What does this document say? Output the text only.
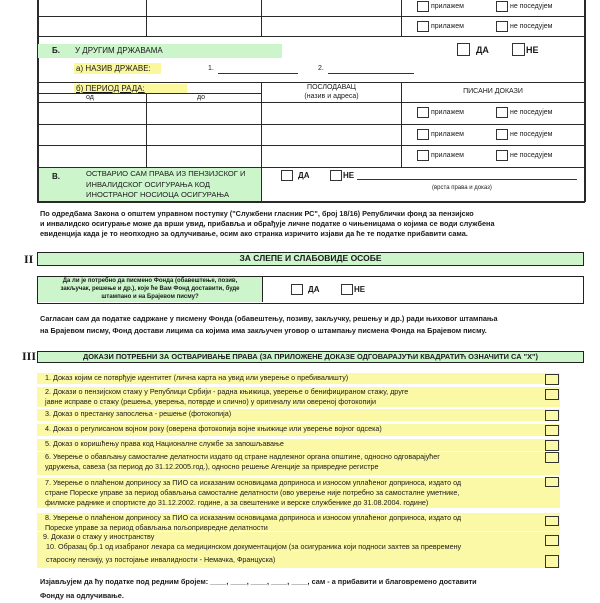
прилажем	не поседујем
прилажем	не поседујем
Б. У ДРУГИМ ДРЖАВАМА	ДА	НЕ
а) НАЗИВ ДРЖАВЕ:	1.	2.
б) ПЕРИОД РАДА:
од	до
ПОСЛОДАВАЦ
(назив и адреса)
ПИСАНИ ДОКАЗИ
прилажем	не поседујем
прилажем	не поседујем
прилажем	не поседујем
В.	ОСТВАРИО САМ ПРАВА ИЗ ПЕНЗИЈСКОГ И
ИНВАЛИДСКОГ ОСИГУРАЊА КОД
ИНОСТРАНОГ НОСИОЦА ОСИГУРАЊА
ДА	НЕ
(врста права и доказ)
По одредбама Закона о општем управном поступку ("Службени гласник РС", број 18/16) Републички фонд за пензијско
и инвалидско осигурање може да врши увид, прибавља и обрађује личне податке о чињеницама о којима се води службена
евиденција када је то неопходно за одлучивање, осим ако странка изричито изјави да ће те податке прибавити сама.
II	ЗА СЛЕПЕ И СЛАБОВИДЕ ОСОБЕ
Да ли је потребно да писмено Фонда (обавештење, позив,
закључак, решење и др.), које ће Вам Фонд доставити, буде
штампано и на Брајевом писму?
ДА	НЕ
Сагласан сам да податке садржане у писмену Фонда (обавештењу, позиву, закључку, решењу и др.) ради њиховог штампања
на Брајевом писму, Фонд достави лицима са којима има закључен уговор о штампању писмена Фонда на Брајевом писму.
III	ДОКАЗИ ПОТРЕБНИ ЗА ОСТВАРИВАЊЕ ПРАВА (ЗА ПРИЛОЖЕНЕ ДОКАЗЕ ОДГОВАРАЈУЋИ КВАДРАТИЋ ОЗНАЧИТИ СА "Х")
1. Доказ којим се потврђује идентитет (лична карта на увид или уверење о пребивалишту)
2. Докази о пензијском стажу у Републици Србији - радна књижица, уверење о бенифицираном стажу, друге
јавне исправе о стажу (решења, уверења, потврде и слично) у оригиналу или овереној фотокопији
3. Доказ о престанку запослења - решење (фотокопија)
4. Доказ о регулисаном војном року (оверена фотокопија војне књижице или уверење војног одсека)
5. Доказ о коришћењу права код Националне службе за запошљавање
6. Уверење о обављању самосталне делатности издато од стране надлежног органа општине, односно одговарајућег
удружења, савеза (за период до 31.12.2005.год.), односно решење Агенције за привредне регистре
7. Уверење о плаћеном доприносу за ПИО са исказаним основицама доприноса и износом уплаћеног доприноса, издато од
стране Пореске управе за период обављања самосталне делатности (ово уверење није потребно за самосталне уметнике,
филмске раднике и спортисте до 31.12.2002. године, а за свештенике и верске службенике до 31.08.2004. године)
8. Уверење о плаћеном доприносу за ПИО са исказаним основицама доприноса и износом уплаћеног доприноса, издато од
Пореске управе за период обављања пољопривредне делатности
9. Докази о стажу у иностранству
10. Образац бр.1 од изабраног лекара са медицинском документацијом (за осигураника који подноси захтев за превремену
старосну пензију, уз постојање инвалидности - Немачка, Француска)
Изјављујем да ћу податке под редним бројем: ____, ____, ____, ____, ____, сам - а прибавити и благовремено доставити
Фонду на одлучивање.
